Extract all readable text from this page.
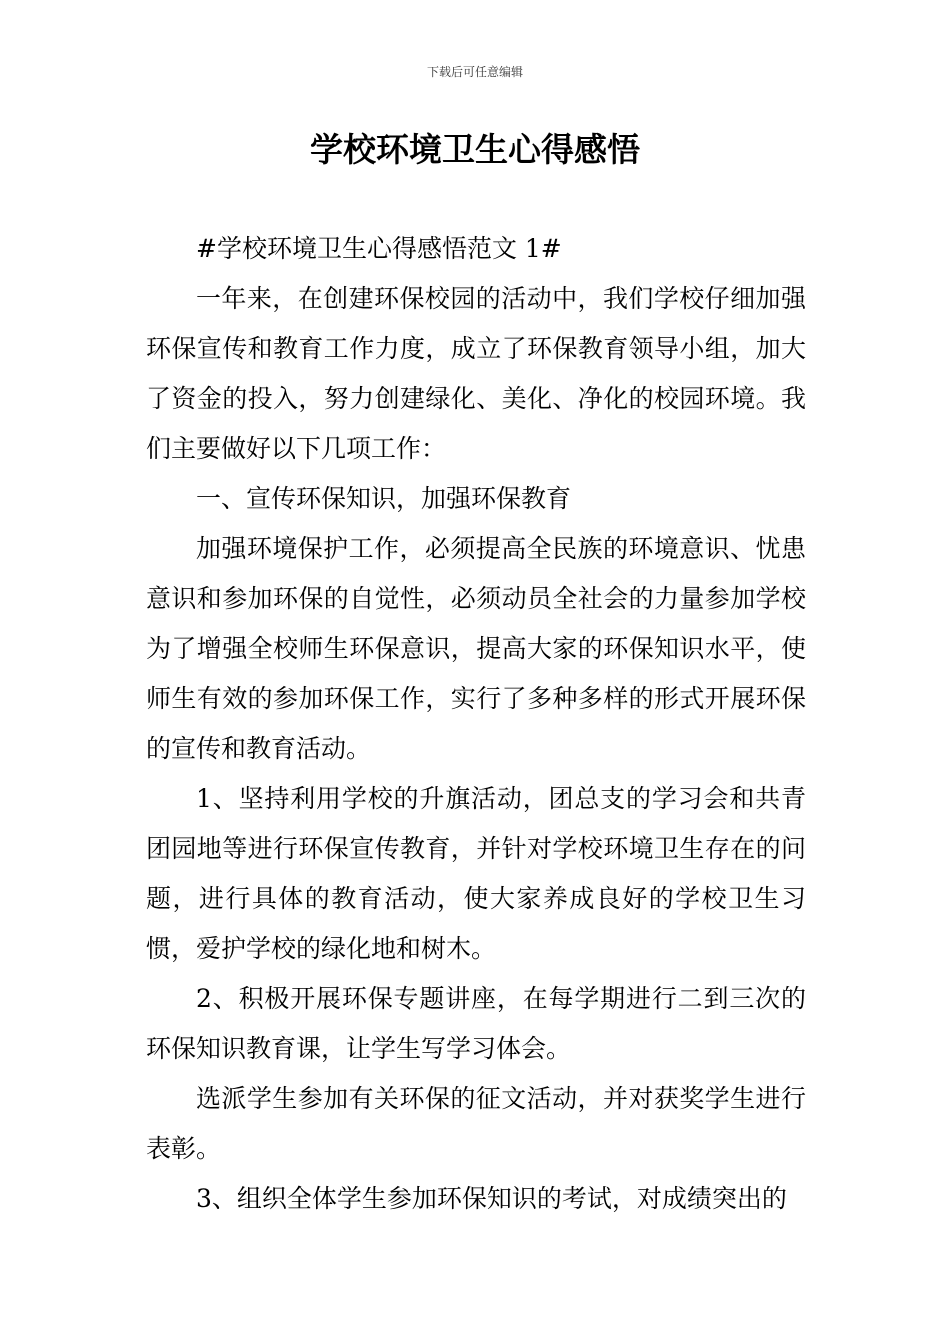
下载后可任意编辑
学校环境卫生心得感悟

#学校环境卫生心得感悟范文 1#

一年来，在创建环保校园的活动中，我们学校仔细加强环保宣传和教育工作力度，成立了环保教育领导小组，加大了资金的投入，努力创建绿化、美化、净化的校园环境。我们主要做好以下几项工作：

一、宣传环保知识，加强环保教育

加强环境保护工作，必须提高全民族的环境意识、忧患意识和参加环保的自觉性，必须动员全社会的力量参加学校为了增强全校师生环保意识，提高大家的环保知识水平，使师生有效的参加环保工作，实行了多种多样的形式开展环保的宣传和教育活动。

1、坚持利用学校的升旗活动，团总支的学习会和共青团园地等进行环保宣传教育，并针对学校环境卫生存在的问题，进行具体的教育活动，使大家养成良好的学校卫生习惯，爱护学校的绿化地和树木。

2、积极开展环保专题讲座，在每学期进行二到三次的环保知识教育课，让学生写学习体会。

选派学生参加有关环保的征文活动，并对获奖学生进行表彰。

3、组织全体学生参加环保知识的考试，对成绩突出的
